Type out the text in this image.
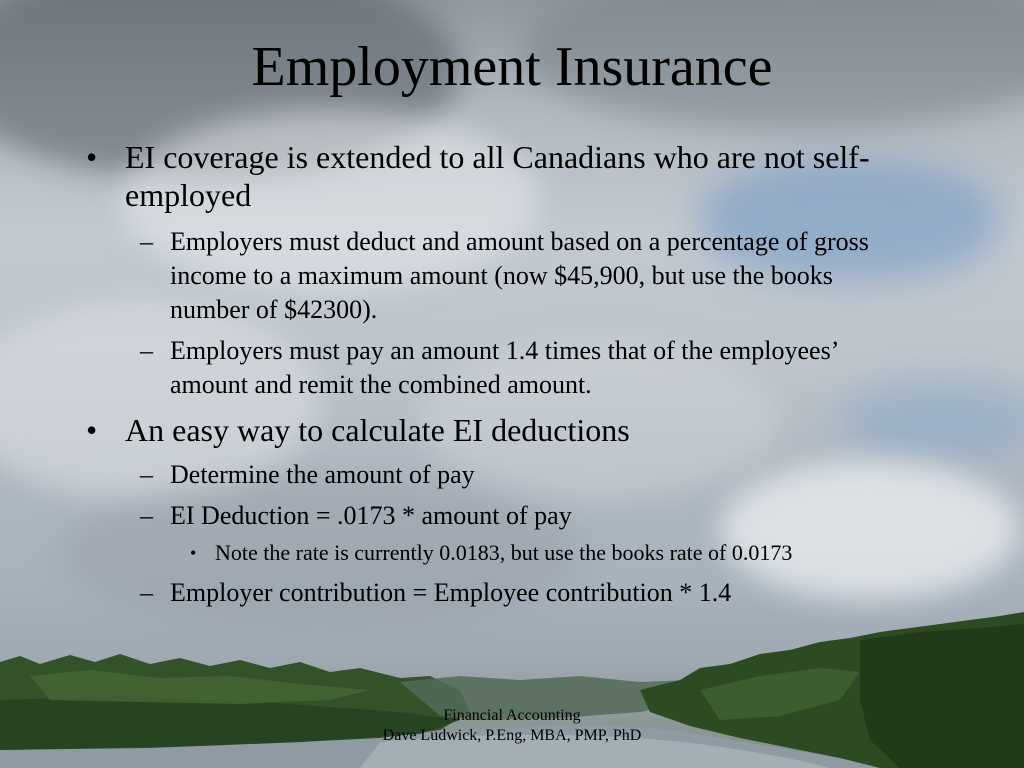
Employment Insurance
• EI coverage is extended to all Canadians who are not self-
employed
– Employers must deduct and amount based on a percentage of gross
income to a maximum amount (now $45,900, but use the books
number of $42300).
– Employers must pay an amount 1.4 times that of the employees’
amount and remit the combined amount.
• An easy way to calculate EI deductions
– Determine the amount of pay
– EI Deduction = .0173 * amount of pay
• Note the rate is currently 0.0183, but use the books rate of 0.0173
– Employer contribution = Employee contribution * 1.4
Financial Accounting
Dave Ludwick, P.Eng, MBA, PMP, PhD
